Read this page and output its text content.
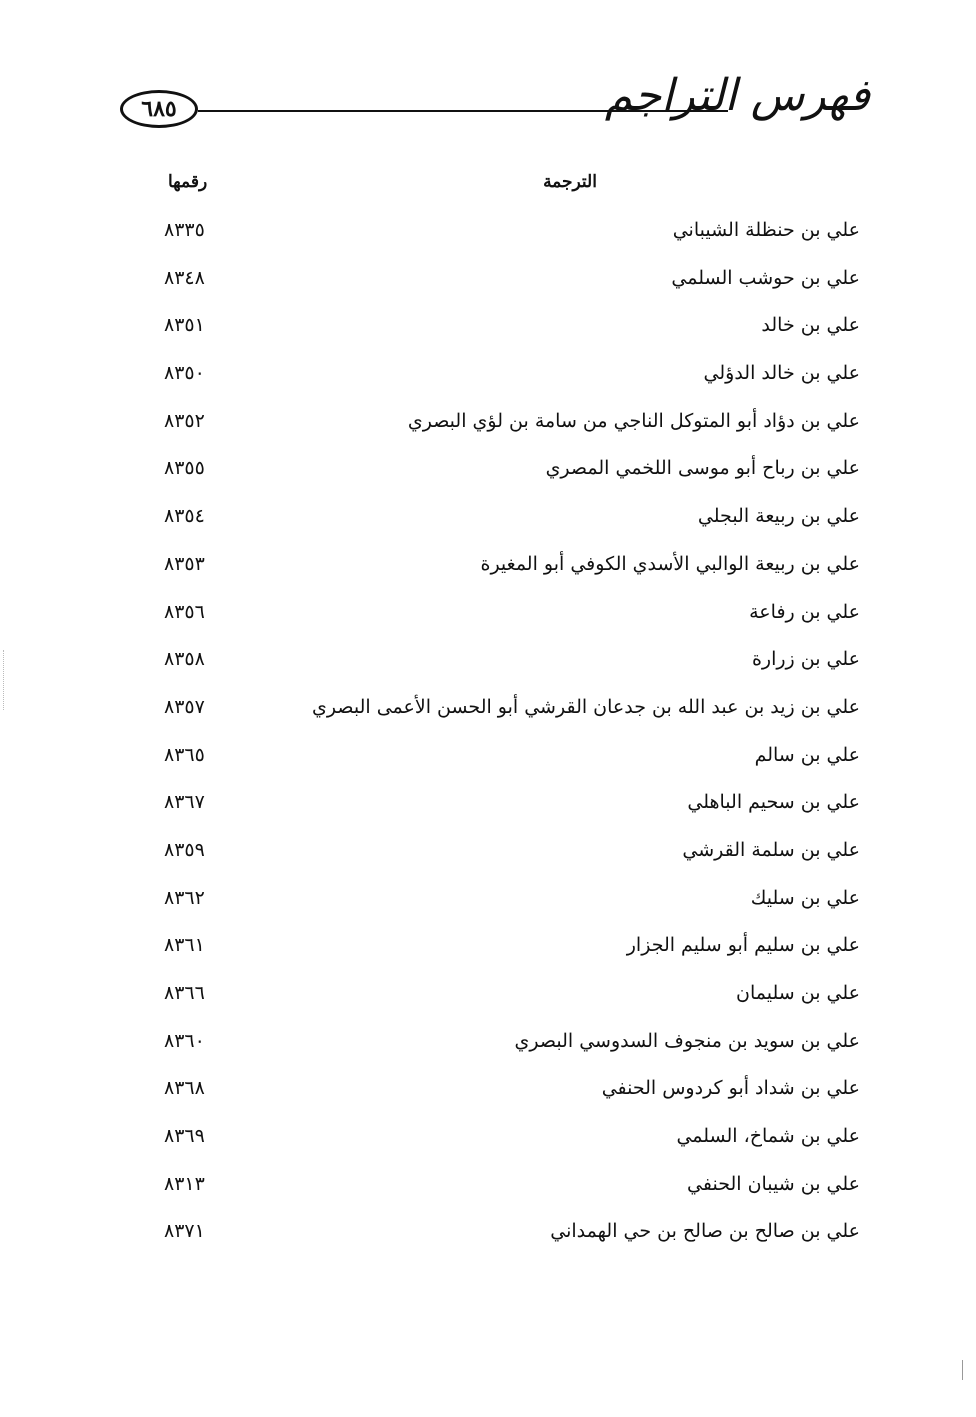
٦٨٥	فهرس التراجم
الترجمة
رقمها
علي بن حنظلة الشيباني
٨٣٣٥
علي بن حوشب السلمي
٨٣٤٨
علي بن خالد
٨٣٥١
علي بن خالد الدؤلي
٨٣٥٠
علي بن دؤاد أبو المتوكل الناجي من سامة بن لؤي البصري
٨٣٥٢
علي بن رباح أبو موسى اللخمي المصري
٨٣٥٥
علي بن ربيعة البجلي
٨٣٥٤
علي بن ربيعة الوالبي الأسدي الكوفي أبو المغيرة
٨٣٥٣
علي بن رفاعة
٨٣٥٦
علي بن زرارة
٨٣٥٨
علي بن زيد بن عبد الله بن جدعان القرشي أبو الحسن الأعمى البصري
٨٣٥٧
علي بن سالم
٨٣٦٥
علي بن سحيم الباهلي
٨٣٦٧
علي بن سلمة القرشي
٨٣٥٩
علي بن سليك
٨٣٦٢
علي بن سليم أبو سليم الجزار
٨٣٦١
علي بن سليمان
٨٣٦٦
علي بن سويد بن منجوف السدوسي البصري
٨٣٦٠
علي بن شداد أبو كردوس الحنفي
٨٣٦٨
علي بن شماخ، السلمي
٨٣٦٩
علي بن شيبان الحنفي
٨٣١٣
علي بن صالح بن صالح بن حي الهمداني
٨٣٧١
